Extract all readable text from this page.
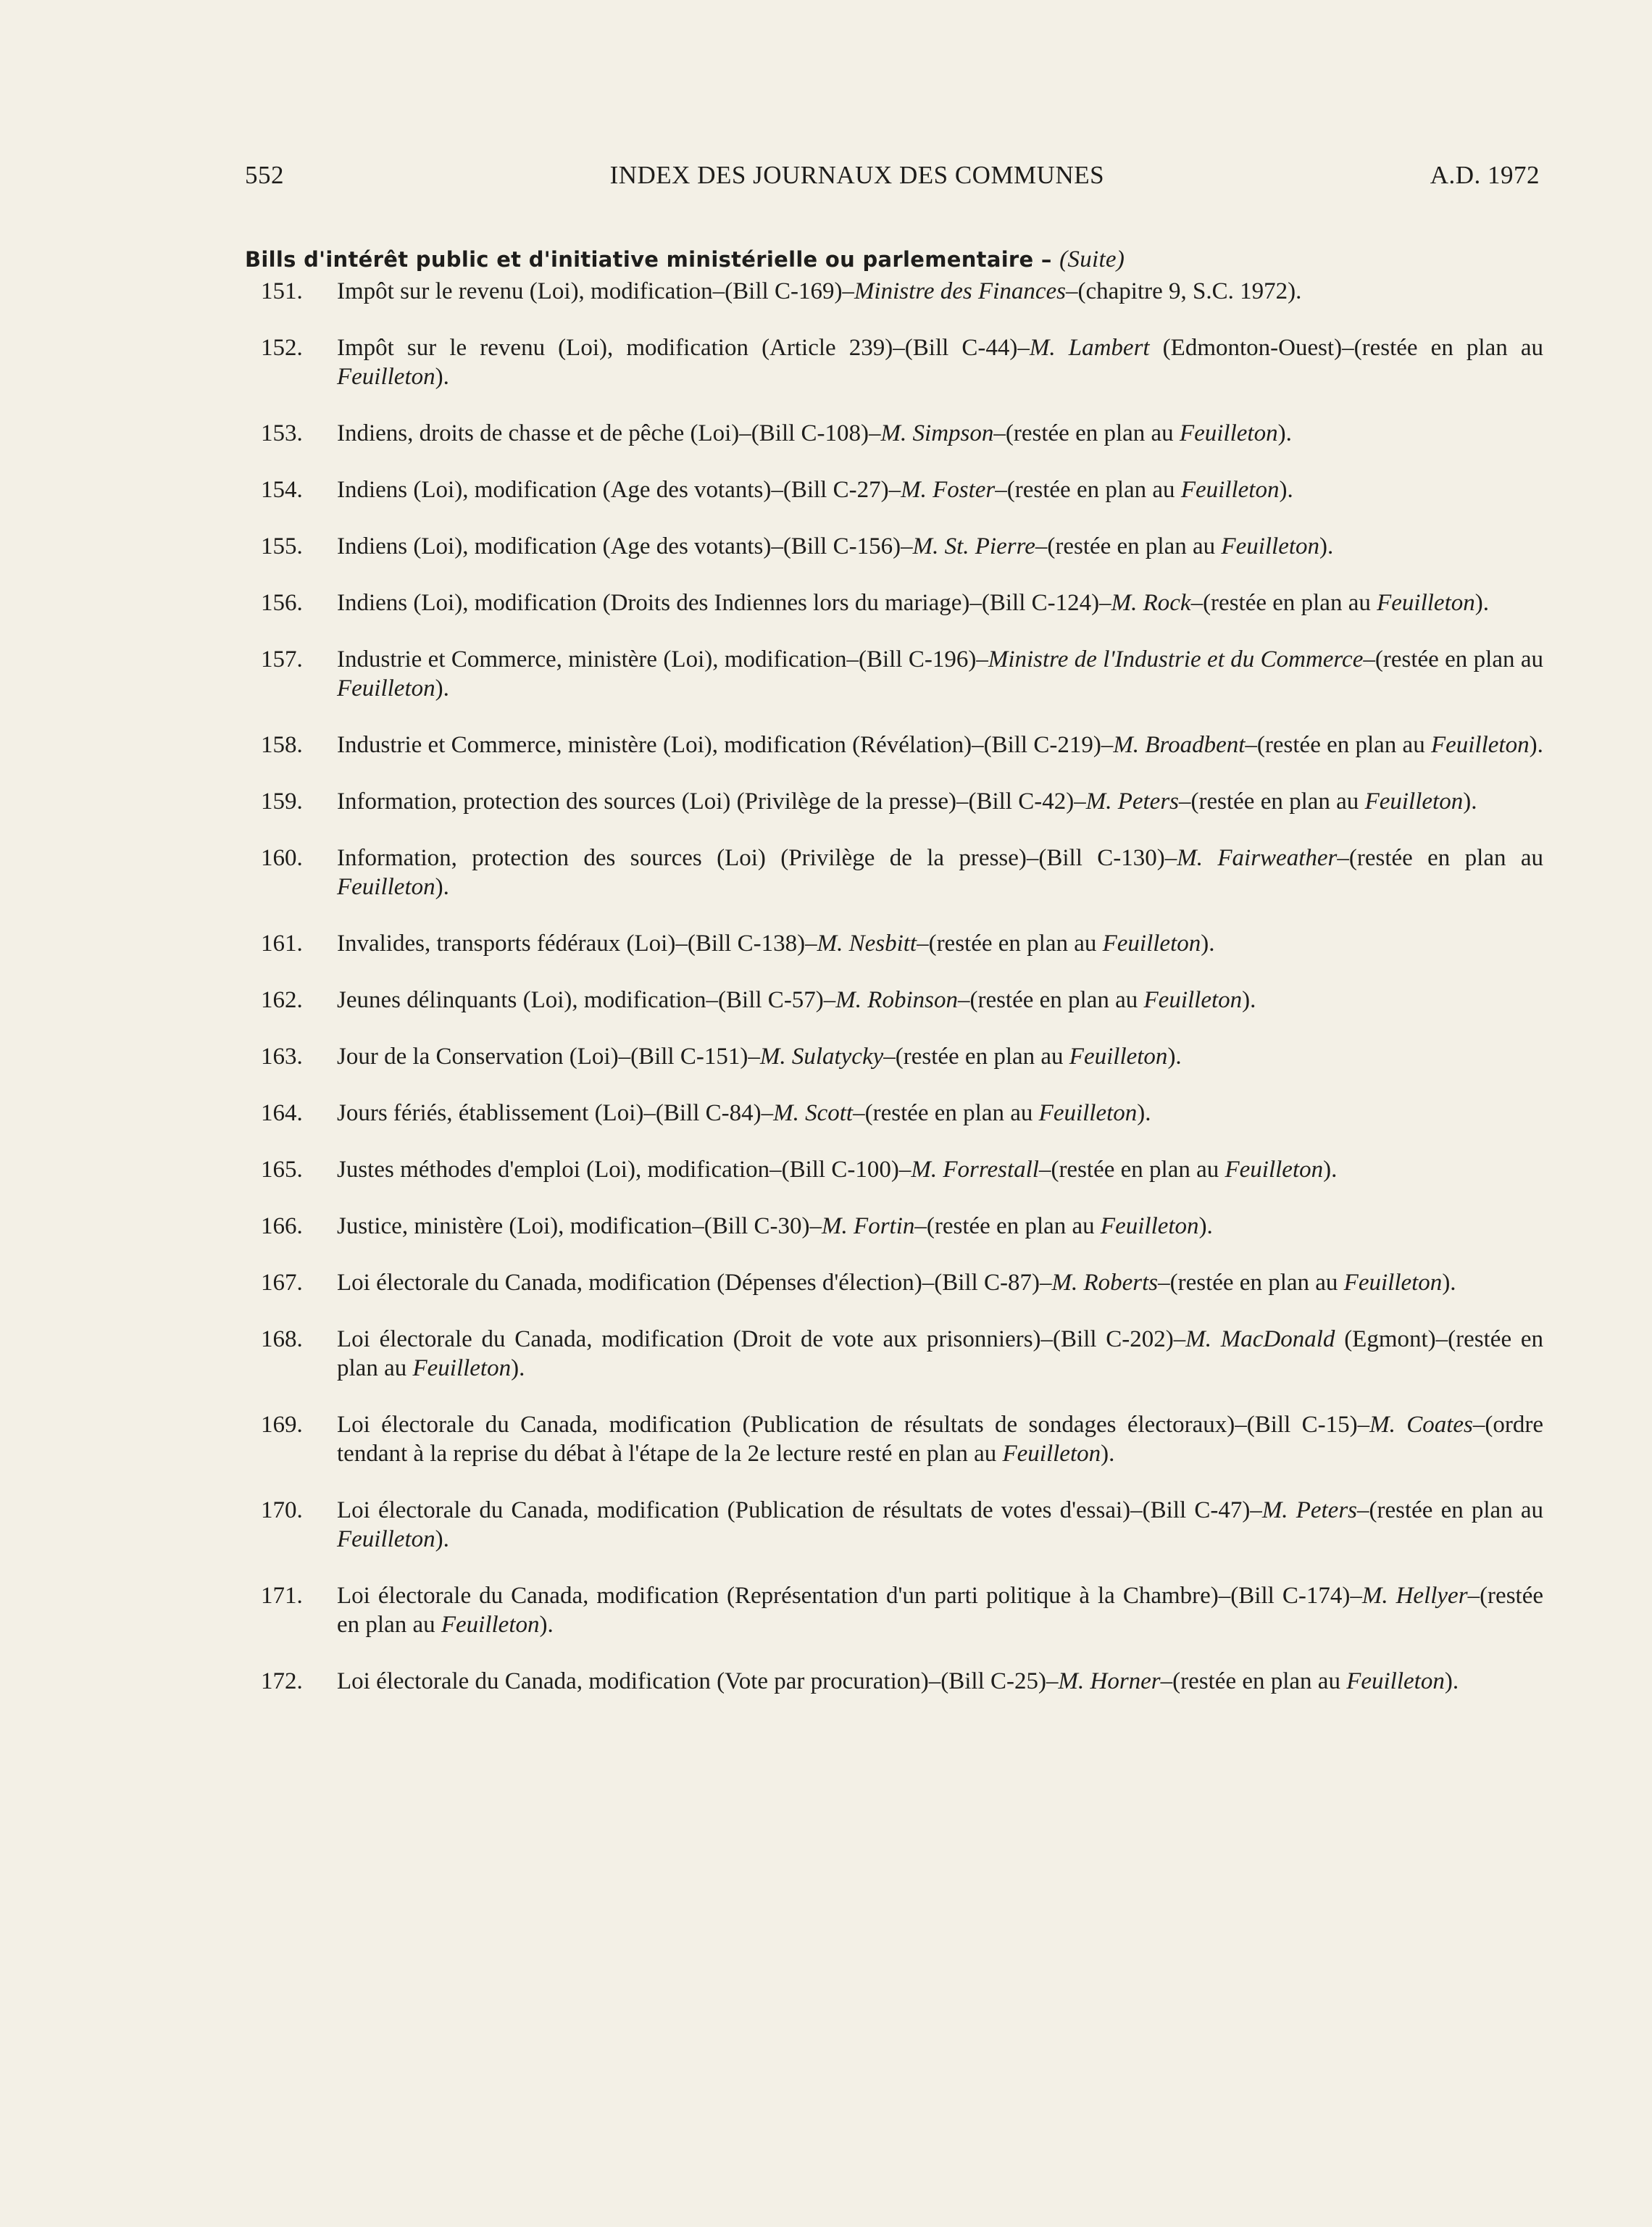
552	INDEX DES JOURNAUX DES COMMUNES	A.D. 1972
Bills d'intérêt public et d'initiative ministérielle ou parlementaire – (Suite)
151.	Impôt sur le revenu (Loi), modification–(Bill C-169)–Ministre des Finances–(chapitre 9, S.C. 1972).
152.	Impôt sur le revenu (Loi), modification (Article 239)–(Bill C-44)–M. Lambert (Edmonton-Ouest)–(restée en plan au Feuilleton).
153.	Indiens, droits de chasse et de pêche (Loi)–(Bill C-108)–M. Simpson–(restée en plan au Feuilleton).
154.	Indiens (Loi), modification (Age des votants)–(Bill C-27)–M. Foster–(restée en plan au Feuilleton).
155.	Indiens (Loi), modification (Age des votants)–(Bill C-156)–M. St. Pierre–(restée en plan au Feuilleton).
156.	Indiens (Loi), modification (Droits des Indiennes lors du mariage)–(Bill C-124)–M. Rock–(restée en plan au Feuilleton).
157.	Industrie et Commerce, ministère (Loi), modification–(Bill C-196)–Ministre de l'Industrie et du Commerce–(restée en plan au Feuilleton).
158.	Industrie et Commerce, ministère (Loi), modification (Révélation)–(Bill C-219)–M. Broadbent–(restée en plan au Feuilleton).
159.	Information, protection des sources (Loi) (Privilège de la presse)–(Bill C-42)–M. Peters–(restée en plan au Feuilleton).
160.	Information, protection des sources (Loi) (Privilège de la presse)–(Bill C-130)–M. Fairweather–(restée en plan au Feuilleton).
161.	Invalides, transports fédéraux (Loi)–(Bill C-138)–M. Nesbitt–(restée en plan au Feuilleton).
162.	Jeunes délinquants (Loi), modification–(Bill C-57)–M. Robinson–(restée en plan au Feuilleton).
163.	Jour de la Conservation (Loi)–(Bill C-151)–M. Sulatycky–(restée en plan au Feuilleton).
164.	Jours fériés, établissement (Loi)–(Bill C-84)–M. Scott–(restée en plan au Feuilleton).
165.	Justes méthodes d'emploi (Loi), modification–(Bill C-100)–M. Forrestall–(restée en plan au Feuilleton).
166.	Justice, ministère (Loi), modification–(Bill C-30)–M. Fortin–(restée en plan au Feuilleton).
167.	Loi électorale du Canada, modification (Dépenses d'élection)–(Bill C-87)–M. Roberts–(restée en plan au Feuilleton).
168.	Loi électorale du Canada, modification (Droit de vote aux prisonniers)–(Bill C-202)–M. MacDonald (Egmont)–(restée en plan au Feuilleton).
169.	Loi électorale du Canada, modification (Publication de résultats de sondages électoraux)–(Bill C-15)–M. Coates–(ordre tendant à la reprise du débat à l'étape de la 2e lecture resté en plan au Feuilleton).
170.	Loi électorale du Canada, modification (Publication de résultats de votes d'essai)–(Bill C-47)–M. Peters–(restée en plan au Feuilleton).
171.	Loi électorale du Canada, modification (Représentation d'un parti politique à la Chambre)–(Bill C-174)–M. Hellyer–(restée en plan au Feuilleton).
172.	Loi électorale du Canada, modification (Vote par procuration)–(Bill C-25)–M. Horner–(restée en plan au Feuilleton).
